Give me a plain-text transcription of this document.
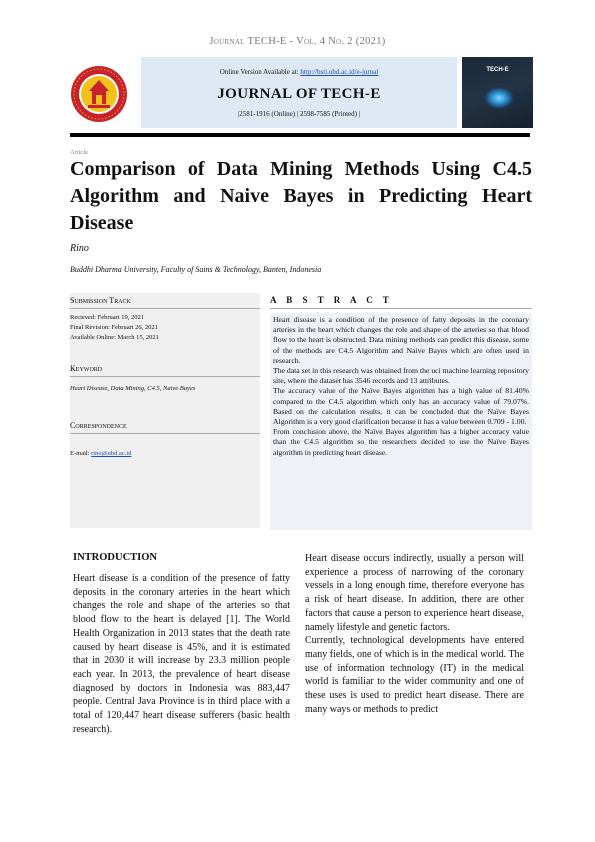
Journal TECH-E - Vol. 4 No. 2 (2021)
Online Version Available at: http://bsti.ubd.ac.id/e-jurnal
JOURNAL OF TECH-E
|2581-1916 (Online) | 2598-7585 (Printed) |
TECH-E
Article
Comparison of Data Mining Methods Using C4.5 Algorithm and Naive Bayes in Predicting Heart Disease
Rino
Buddhi Dharma University, Faculty of Sains & Technology, Banten, Indonesia
Submission Track
Recieved: Februari 19, 2021
Final Revision: Februari 26, 2021
Available Online: March 15, 2021
Keyword
Heart Disease, Data Mining, C4.5, Naive Bayes
Correspondence
E-mail: rino@ubd.ac.id
A B S T R A C T

Heart disease is a condition of the presence of fatty deposits in the coronary arteries in the heart which changes the role and shape of the arteries so that blood flow to the heart is obstructed. Data mining methods can predict this disease, some of the methods are C4.5 Algorithm and Naive Bayes which are often used in research.

The data set in this research was obtained from the uci machine learning repository site, where the dataset has 3546 records and 13 attributes.

The accuracy value of the Naïve Bayes algorithm has a high value of 81.40% compared to the C4.5 algorithm which only has an accuracy value of 79.07%. Based on the calculation results, it can be concluded that the Naïve Bayes Algorithm is a very good clarification because it has a value between 0.709 - 1.00.

From conclusion above, the Naïve Bayes algorithm has a higher accuracy value than the C4.5 algorithm so the researchers decided to use the Naïve Bayes algorithm in predicting heart disease.

INTRODUCTION

Heart disease is a condition of the presence of fatty deposits in the coronary arteries in the heart which changes the role and shape of the arteries so that blood flow to the heart is delayed [1]. The World Health Organization in 2013 states that the death rate caused by heart disease is 45%, and it is estimated that in 2030 it will increase by 23.3 million people each year. In 2013, the prevalence of heart disease diagnosed by doctors in Indonesia was 883,447 people. Central Java Province is in third place with a total of 120,447 heart disease sufferers (basic health research).

Heart disease occurs indirectly, usually a person will experience a process of narrowing of the coronary vessels in a long enough time, therefore everyone has a risk of heart disease. In addition, there are other factors that cause a person to experience heart disease, namely lifestyle and genetic factors.

Currently, technological developments have entered many fields, one of which is in the medical world. The use of information technology (IT) in the medical world is familiar to the wider community and one of these uses is used to predict heart disease. There are many ways or methods to predict
